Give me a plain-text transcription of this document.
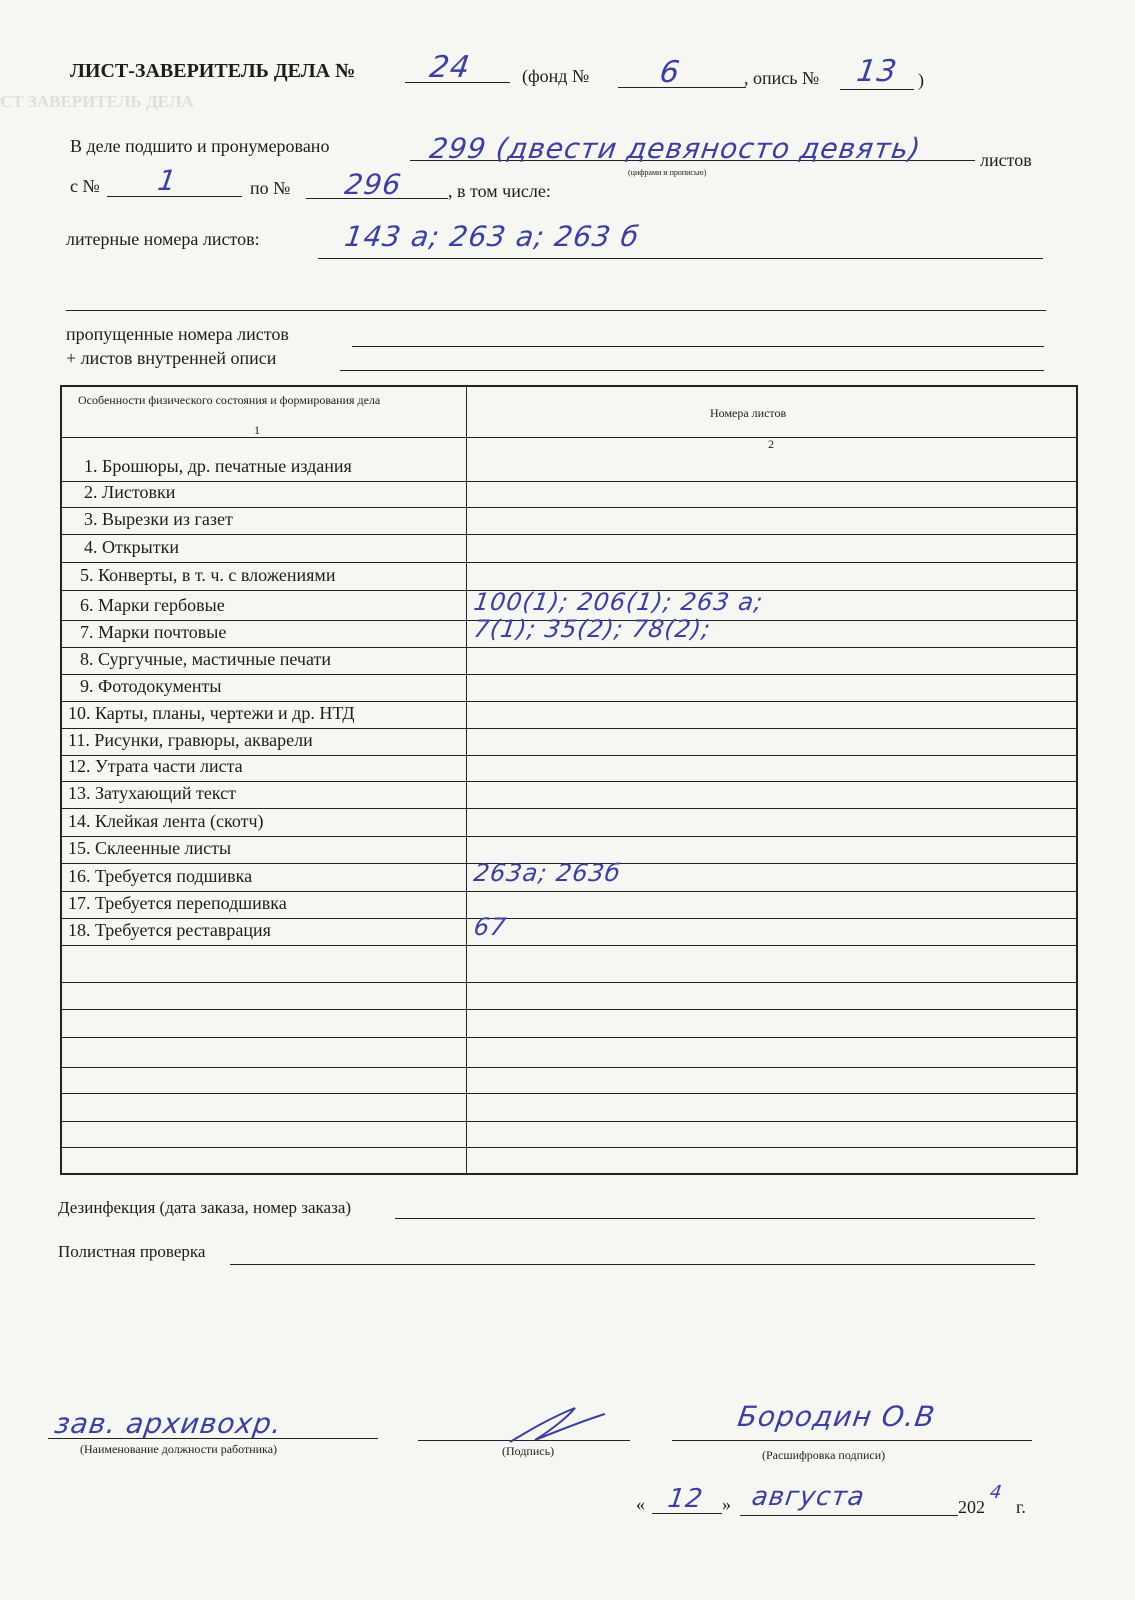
СТ ЗАВЕРИТЕЛЬ ДЕЛА
ЛИСТ-ЗАВЕРИТЕЛЬ ДЕЛА № 24	(фонд № 6	, опись № 13 )
В деле подшито и пронумеровано	299 (двести девяносто девять)
(цифрами и прописью)
листов
с № 1	по № 296 , в том числе:
литерные номера листов:	143 а; 263 а; 263 б
пропущенные номера листов
+ листов внутренней описи
Особенности физического состояния и формирования дела
Номера листов
1
2
1. Брошюры, др. печатные издания
2. Листовки
3. Вырезки из газет
4. Открытки
5. Конверты, в т. ч. с вложениями
6. Марки гербовые	100(1); 206(1); 263 а;
7. Марки почтовые	7(1); 35(2); 78(2);
8. Сургучные, мастичные печати
9. Фотодокументы
10. Карты, планы, чертежи и др. НТД
11. Рисунки, гравюры, акварели
12. Утрата части листа
13. Затухающий текст
14. Клейкая лента (скотч)
15. Склеенные листы
16. Требуется подшивка	263а; 263б
17. Требуется переподшивка
18. Требуется реставрация	67
Дезинфекция (дата заказа, номер заказа)
Полистная проверка
зав. архивохр.
(Наименование должности работника)	(Подпись)
Бородин О.В
(Расшифровка подписи)
« 12 » августа	202
4
г.
